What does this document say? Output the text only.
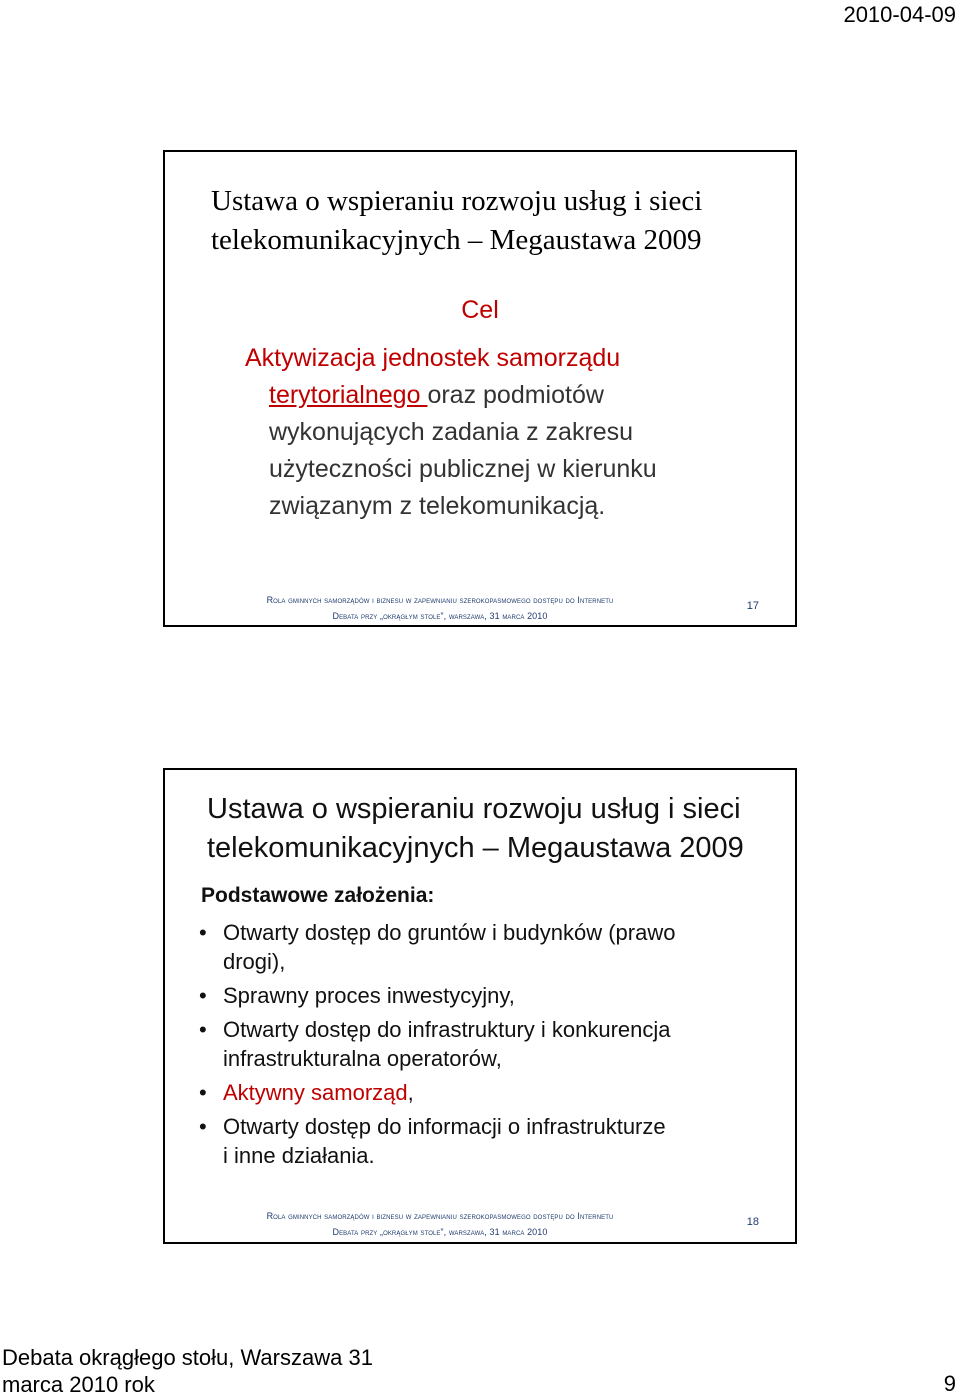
2010-04-09
Ustawa o wspieraniu rozwoju usług i sieci
telekomunikacyjnych – Megaustawa 2009
Cel
Aktywizacja jednostek samorządu
terytorialnego oraz podmiotów
wykonujących zadania z zakresu
użyteczności publicznej w kierunku
związanym z telekomunikacją.
Rola gminnych samorządów i biznesu w zapewnianiu szerokopasmowego dostępu do Internetu
Debata przy „okrągłym stole”, warszawa, 31 marca 2010
17
Ustawa o wspieraniu rozwoju usług i sieci
telekomunikacyjnych – Megaustawa 2009
Podstawowe założenia:
• Otwarty dostęp do gruntów i budynków (prawo
drogi),
• Sprawny proces inwestycyjny,
• Otwarty dostęp do infrastruktury i konkurencja
infrastrukturalna operatorów,
• Aktywny samorząd,
• Otwarty dostęp do informacji o infrastrukturze
i inne działania.
Rola gminnych samorządów i biznesu w zapewnianiu szerokopasmowego dostępu do Internetu
Debata przy „okrągłym stole”, warszawa, 31 marca 2010
18
Debata okrągłego stołu, Warszawa 31
marca 2010 rok	9
